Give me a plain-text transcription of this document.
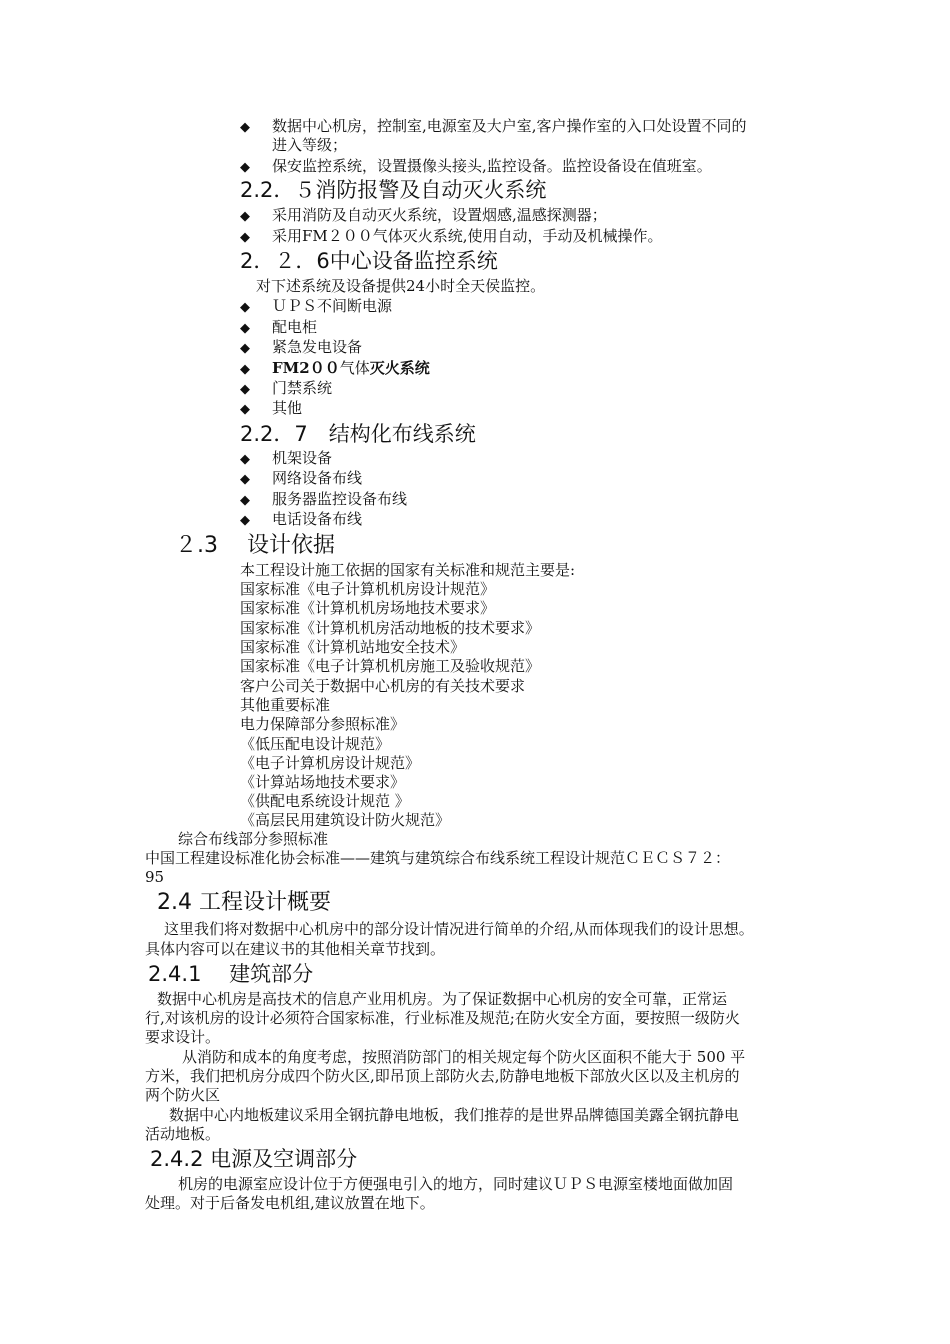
◆ 数据中心机房，控制室,电源室及大户室,客户操作室的入口处设置不同的
进入等级；
◆ 保安监控系统，设置摄像头接头,监控设备。监控设备设在值班室。
2.2．５消防报警及自动灭火系统
◆ 采用消防及自动灭火系统，设置烟感,温感探测器；
◆ 采用FM２００气体灭火系统,使用自动，手动及机械操作。
2．２．6中心设备监控系统
对下述系统及设备提供24小时全天侯监控。
◆ ＵＰＳ不间断电源
◆ 配电柜
◆ 紧急发电设备
◆ FM2００气体灭火系统
◆ 门禁系统
◆ 其他
2.2．7　结构化布线系统
◆ 机架设备
◆ 网络设备布线
◆ 服务器监控设备布线
◆ 电话设备布线
２.3　 设计依据
本工程设计施工依据的国家有关标准和规范主要是:
国家标准《电子计算机机房设计规范》
国家标准《计算机机房场地技术要求》
国家标准《计算机机房活动地板的技术要求》
国家标准《计算机站地安全技术》
国家标准《电子计算机机房施工及验收规范》
客户公司关于数据中心机房的有关技术要求
其他重要标准
电力保障部分参照标准》
《低压配电设计规范》
《电子计算机房设计规范》
《计算站场地技术要求》
《供配电系统设计规范 》
《高层民用建筑设计防火规范》
综合布线部分参照标准
中国工程建设标准化协会标准——建筑与建筑综合布线系统工程设计规范ＣＥＣＳ７２：
95
2.4 工程设计概要
这里我们将对数据中心机房中的部分设计情况进行简单的介绍,从而体现我们的设计思想。
具体内容可以在建议书的其他相关章节找到。
2.4.1　 建筑部分
数据中心机房是高技术的信息产业用机房。为了保证数据中心机房的安全可靠，正常运
行,对该机房的设计必须符合国家标准，行业标准及规范;在防火安全方面，要按照一级防火
要求设计。
从消防和成本的角度考虑，按照消防部门的相关规定每个防火区面积不能大于 500 平
方米，我们把机房分成四个防火区,即吊顶上部防火去,防静电地板下部放火区以及主机房的
两个防火区
数据中心内地板建议采用全钢抗静电地板，我们推荐的是世界品牌德国美露全钢抗静电
活动地板。
2.4.2 电源及空调部分
机房的电源室应设计位于方便强电引入的地方，同时建议ＵＰＳ电源室楼地面做加固
处理。对于后备发电机组,建议放置在地下。
